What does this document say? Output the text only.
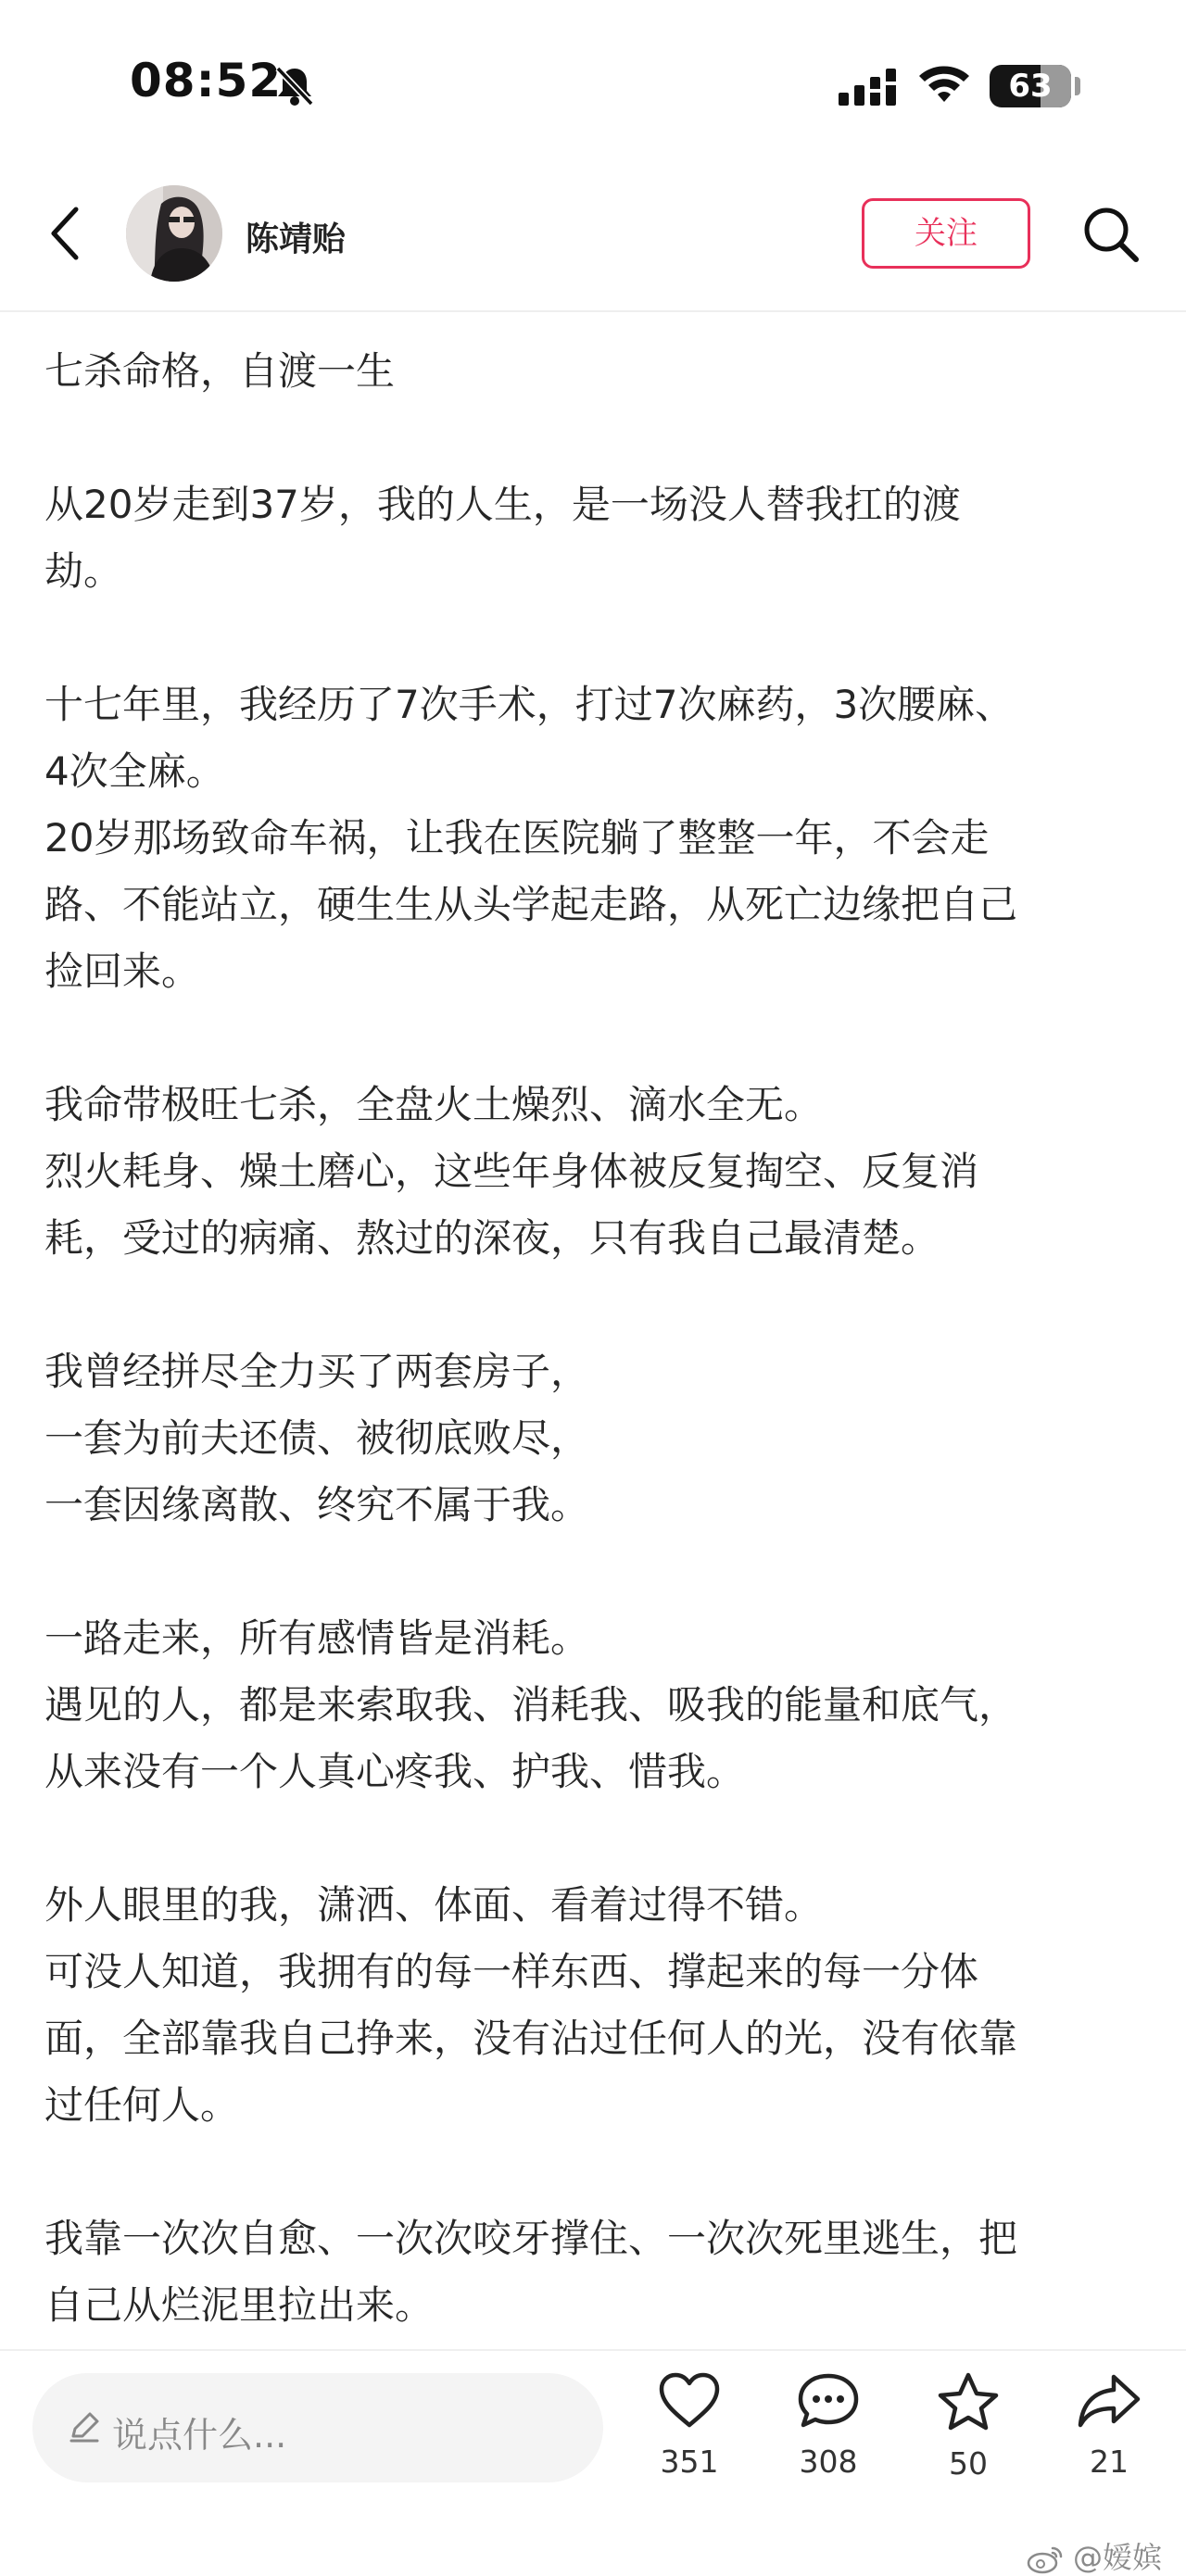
08:52	63
陈靖贻	关注

七杀命格，自渡一生

从20岁走到37岁，我的人生，是一场没人替我扛的渡

劫。

十七年里，我经历了7次手术，打过7次麻药，3次腰麻、

4次全麻。

20岁那场致命车祸，让我在医院躺了整整一年，不会走

路、不能站立，硬生生从头学起走路，从死亡边缘把自己

捡回来。

我命带极旺七杀，全盘火土燥烈、滴水全无。

烈火耗身、燥土磨心，这些年身体被反复掏空、反复消

耗，受过的病痛、熬过的深夜，只有我自己最清楚。

我曾经拼尽全力买了两套房子，

一套为前夫还债、被彻底败尽，

一套因缘离散、终究不属于我。

一路走来，所有感情皆是消耗。

遇见的人，都是来索取我、消耗我、吸我的能量和底气，

从来没有一个人真心疼我、护我、惜我。

外人眼里的我，潇洒、体面、看着过得不错。

可没人知道，我拥有的每一样东西、撑起来的每一分体

面，全部靠我自己挣来，没有沾过任何人的光，没有依靠

过任何人。

我靠一次次自愈、一次次咬牙撑住、一次次死里逃生，把

自己从烂泥里拉出来。

说点什么...
351	308	50	21
@嫒嫔
